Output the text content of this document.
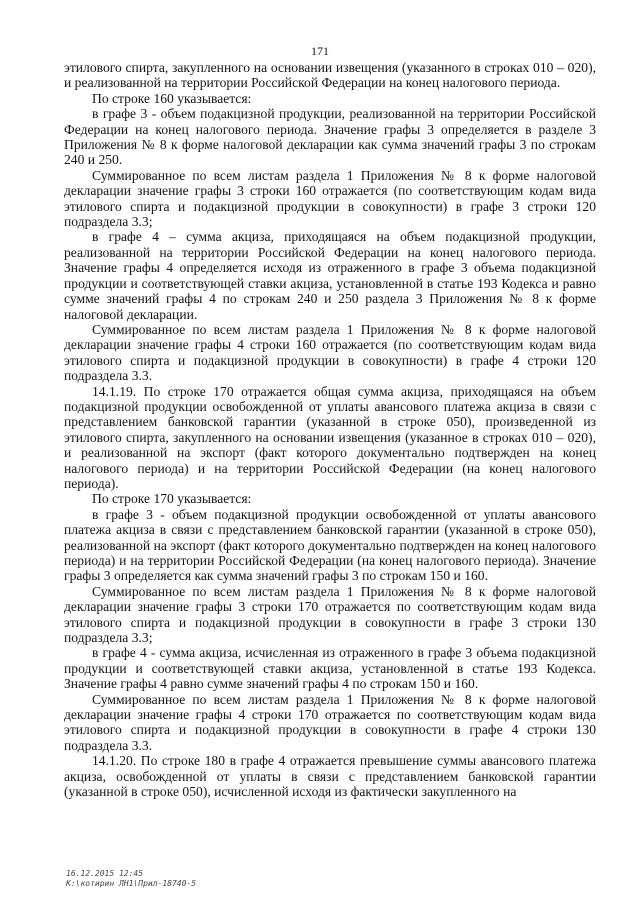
171

этилового спирта, закупленного на основании извещения (указанного в строках 010 – 020), и реализованной на территории Российской Федерации на конец налогового периода.

По строке 160 указывается:

в графе 3 - объем подакцизной продукции, реализованной на территории Российской Федерации на конец налогового периода. Значение графы 3 определяется в разделе 3 Приложения № 8 к форме налоговой декларации как сумма значений графы 3 по строкам 240 и 250.

Суммированное по всем листам раздела 1 Приложения № 8 к форме налоговой декларации значение графы 3 строки 160 отражается (по соответствующим кодам вида этилового спирта и подакцизной продукции в совокупности) в графе 3 строки 120 подраздела 3.3;

в графе 4 – сумма акциза, приходящаяся на объем подакцизной продукции, реализованной на территории Российской Федерации на конец налогового периода. Значение графы 4 определяется исходя из отраженного в графе 3 объема подакцизной продукции и соответствующей ставки акциза, установленной в статье 193 Кодекса и равно сумме значений графы 4 по строкам 240 и 250 раздела 3 Приложения № 8 к форме налоговой декларации.

Суммированное по всем листам раздела 1 Приложения № 8 к форме налоговой декларации значение графы 4 строки 160 отражается (по соответствующим кодам вида этилового спирта и подакцизной продукции в совокупности) в графе 4 строки 120 подраздела 3.3.

14.1.19. По строке 170 отражается общая сумма акциза, приходящаяся на объем подакцизной продукции освобожденной от уплаты авансового платежа акциза в связи с представлением банковской гарантии (указанной в строке 050), произведенной из этилового спирта, закупленного на основании извещения (указанное в строках 010 – 020), и реализованной на экспорт (факт которого документально подтвержден на конец налогового периода) и на территории Российской Федерации (на конец налогового периода).

По строке 170 указывается:

в графе 3 - объем подакцизной продукции освобожденной от уплаты авансового платежа акциза в связи с представлением банковской гарантии (указанной в строке 050), реализованной на экспорт (факт которого документально подтвержден на конец налогового периода) и на территории Российской Федерации (на конец налогового периода). Значение графы 3 определяется как сумма значений графы 3 по строкам 150 и 160.

Суммированное по всем листам раздела 1 Приложения № 8 к форме налоговой декларации значение графы 3 строки 170 отражается по соответствующим кодам вида этилового спирта и подакцизной продукции в совокупности в графе 3 строки 130 подраздела 3.3;

в графе 4 - сумма акциза, исчисленная из отраженного в графе 3 объема подакцизной продукции и соответствующей ставки акциза, установленной в статье 193 Кодекса. Значение графы 4 равно сумме значений графы 4 по строкам 150 и 160.

Суммированное по всем листам раздела 1 Приложения № 8 к форме налоговой декларации значение графы 4 строки 170 отражается по соответствующим кодам вида этилового спирта и подакцизной продукции в совокупности в графе 4 строки 130 подраздела 3.3.

14.1.20. По строке 180 в графе 4 отражается превышение суммы авансового платежа акциза, освобожденной от уплаты в связи с представлением банковской гарантии (указанной в строке 050), исчисленной исходя из фактически закупленного на

16.12.2015 12:45
К:\котирин ЛН1\Прил-18740-5
